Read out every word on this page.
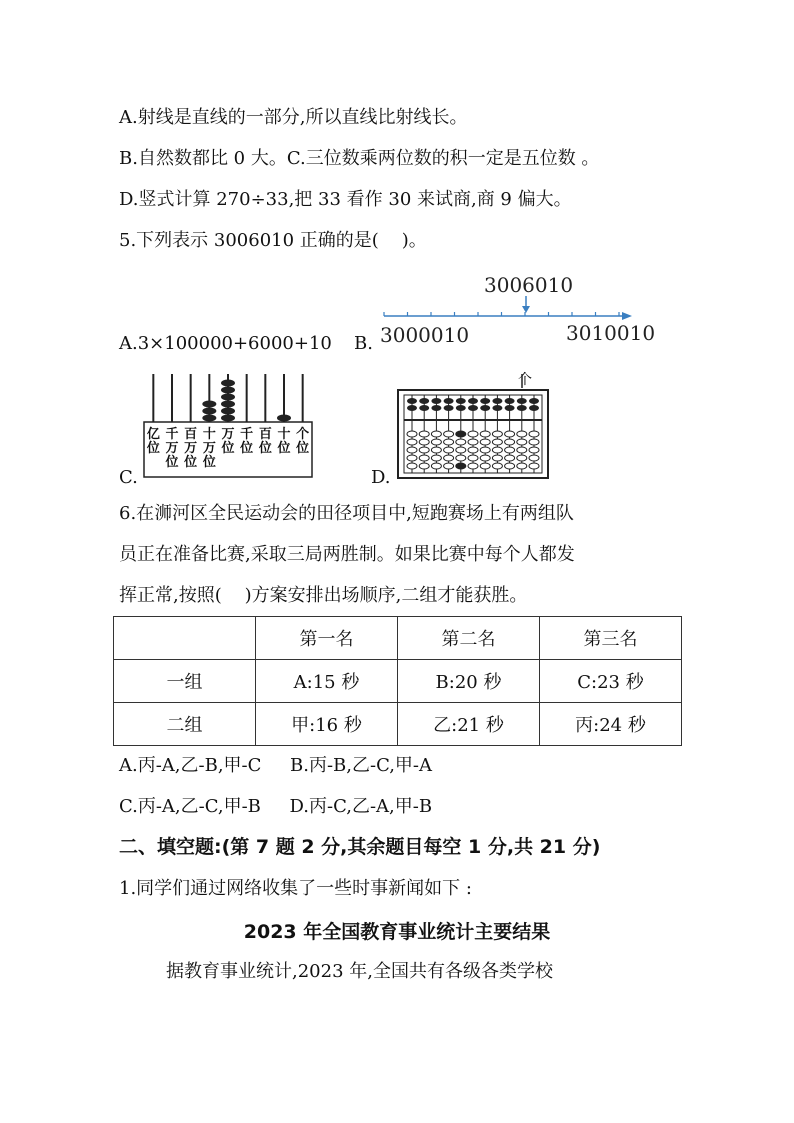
A.射线是直线的一部分,所以直线比射线长。
B.自然数都比 0 大。C.三位数乘两位数的积一定是五位数 。
D.竖式计算 270÷33,把 33 看作 30 来试商,商 9 偏大。
5.下列表示 3006010 正确的是(    )。
A.3×100000+6000+10 B.
3006010
3000010	3010010
C.
亿位
千万位
百万位
十万位
万位
千位
百位
十位
个位
D.
个
6.在浉河区全民运动会的田径项目中,短跑赛场上有两组队
员正在准备比赛,采取三局两胜制。如果比赛中每个人都发
挥正常,按照(    )方案安排出场顺序,二组才能获胜。
	第一名	第二名	第三名
一组	A:15 秒	B:20 秒	C:23 秒
二组	甲:16 秒	乙:21 秒	丙:24 秒
A.丙-A,乙-B,甲-C     B.丙-B,乙-C,甲-A
C.丙-A,乙-C,甲-B     D.丙-C,乙-A,甲-B
二、填空题:(第 7 题 2 分,其余题目每空 1 分,共 21 分)
1.同学们通过网络收集了一些时事新闻如下 :
2023 年全国教育事业统计主要结果
据教育事业统计,2023 年,全国共有各级各类学校
